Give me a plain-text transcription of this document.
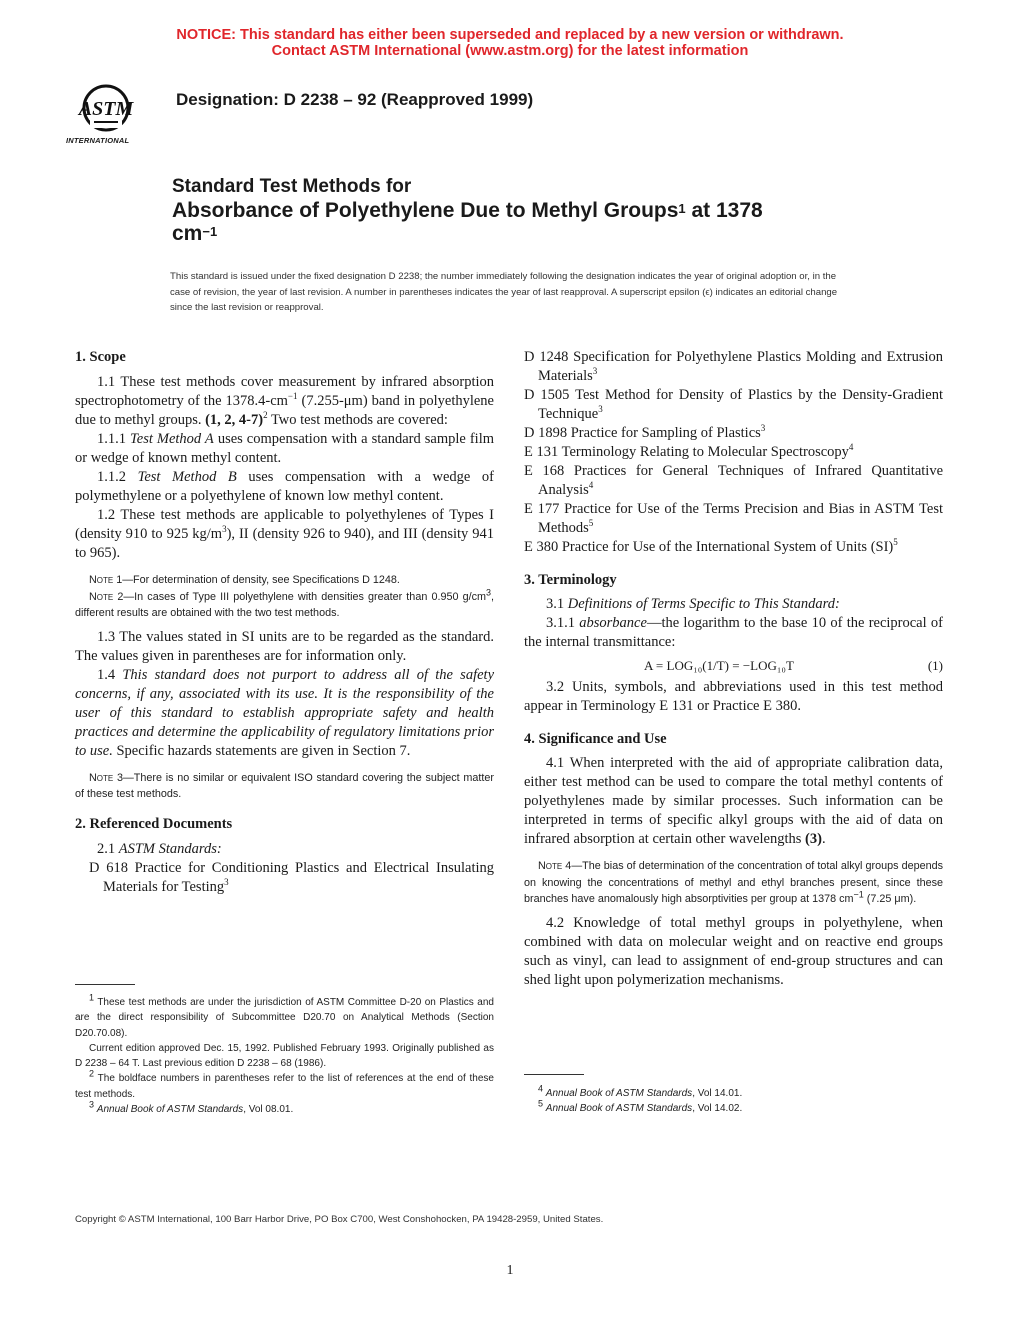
NOTICE: This standard has either been superseded and replaced by a new version or withdrawn.
Contact ASTM International (www.astm.org) for the latest information
ASTM
INTERNATIONAL
Designation: D 2238 – 92 (Reapproved 1999)
Standard Test Methods for
Absorbance of Polyethylene Due to Methyl Groups$^1$ at 1378
$cm^{-1}$
This standard is issued under the fixed designation D 2238; the number immediately following the designation indicates the year of original adoption or, in the case of revision, the year of last revision. A number in parentheses indicates the year of last reapproval. A superscript epsilon (ϵ) indicates an editorial change since the last revision or reapproval.
1. Scope

1.1 These test methods cover measurement by infrared absorption spectrophotometry of the $1378.4-cm^{-1}$ (7.255-μm) band in polyethylene due to methyl groups. (1, 2, 4-7)$^2$ Two test methods are covered:

1.1.1 Test Method A uses compensation with a standard sample film or wedge of known methyl content.

1.1.2 Test Method B uses compensation with a wedge of polymethylene or a polyethylene of known low methyl content.

1.2 These test methods are applicable to polyethylenes of Types I (density 910 to 925 $kg/m^3$), II (density 926 to 940), and III (density 941 to 965).

Note 1—For determination of density, see Specifications D 1248.
Note 2—In cases of Type III polyethylene with densities greater than 0.950 $g/cm^3$, different results are obtained with the two test methods.

1.3 The values stated in SI units are to be regarded as the standard. The values given in parentheses are for information only.

1.4 This standard does not purport to address all of the safety concerns, if any, associated with its use. It is the responsibility of the user of this standard to establish appropriate safety and health practices and determine the applicability of regulatory limitations prior to use. Specific hazards statements are given in Section 7.

Note 3—There is no similar or equivalent ISO standard covering the subject matter of these test methods.
2. Referenced Documents

2.1 ASTM Standards:

D 618 Practice for Conditioning Plastics and Electrical Insulating Materials for Testing$^3$

$^1$ These test methods are under the jurisdiction of ASTM Committee D-20 on Plastics and are the direct responsibility of Subcommittee D20.70 on Analytical Methods (Section D20.70.08).
Current edition approved Dec. 15, 1992. Published February 1993. Originally published as D 2238 – 64 T. Last previous edition D 2238 – 68 (1986).
$^2$ The boldface numbers in parentheses refer to the list of references at the end of these test methods.
$^3$ Annual Book of ASTM Standards, Vol 08.01.

D 1248 Specification for Polyethylene Plastics Molding and Extrusion Materials$^3$

D 1505 Test Method for Density of Plastics by the Density-Gradient Technique$^3$

D 1898 Practice for Sampling of Plastics$^3$

E 131 Terminology Relating to Molecular Spectroscopy$^4$

E 168 Practices for General Techniques of Infrared Quantitative Analysis$^4$

E 177 Practice for Use of the Terms Precision and Bias in ASTM Test Methods$^5$

E 380 Practice for Use of the International System of Units (SI)$^5$

3. Terminology

3.1 Definitions of Terms Specific to This Standard:

3.1.1 absorbance—the logarithm to the base 10 of the reciprocal of the internal transmittance:

A = LOG₁₀(1/T) = −LOG₁₀T	(1)

3.2 Units, symbols, and abbreviations used in this test method appear in Terminology E 131 or Practice E 380.

4. Significance and Use

4.1 When interpreted with the aid of appropriate calibration data, either test method can be used to compare the total methyl contents of polyethylenes made by similar processes. Such information can be interpreted in terms of specific alkyl groups with the aid of data on infrared absorption at certain other wavelengths (3).

Note 4—The bias of determination of the concentration of total alkyl groups depends on knowing the concentrations of methyl and ethyl branches present, since these branches have anomalously high absorptivities per group at 1378 $cm^{-1}$ (7.25 μm).

4.2 Knowledge of total methyl groups in polyethylene, when combined with data on molecular weight and on reactive end groups such as vinyl, can lead to assignment of end-group structures and can shed light upon polymerization mechanisms.

$^4$ Annual Book of ASTM Standards, Vol 14.01.
$^5$ Annual Book of ASTM Standards, Vol 14.02.
Copyright © ASTM International, 100 Barr Harbor Drive, PO Box C700, West Conshohocken, PA 19428-2959, United States.
1
